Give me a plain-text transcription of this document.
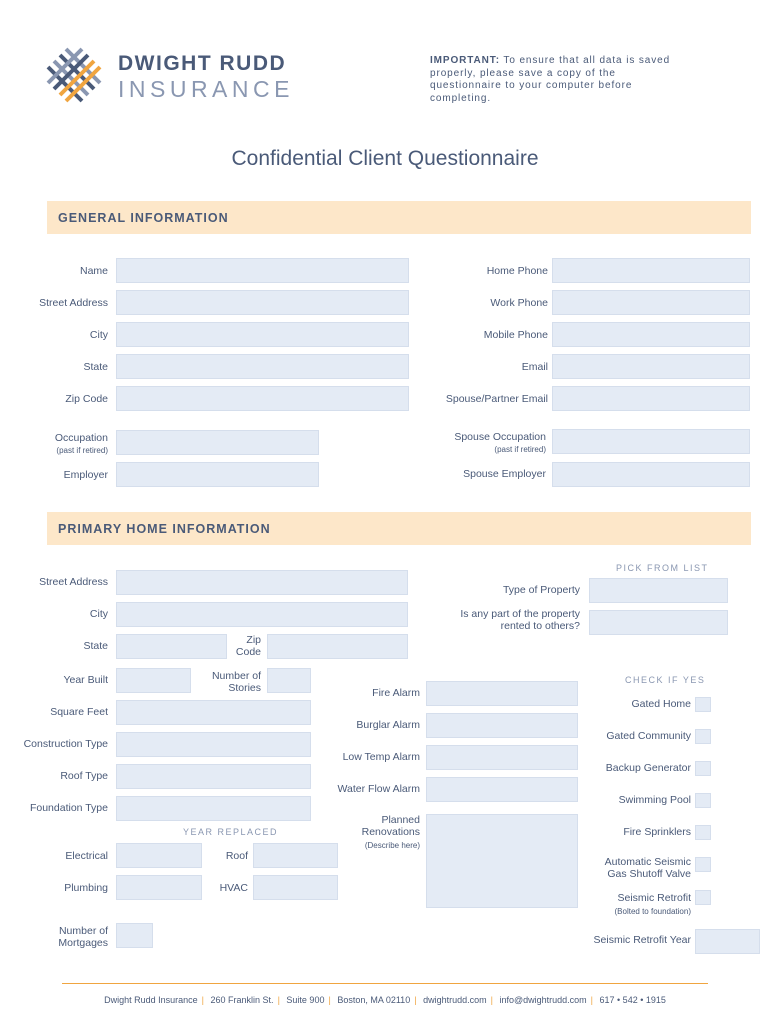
DWIGHT RUDD
INSURANCE
IMPORTANT: To ensure that all data is saved properly, please save a copy of the questionnaire to your computer before completing.
Confidential Client Questionnaire
GENERAL INFORMATION
Name
Street Address
City
State
Zip Code
Home Phone
Work Phone
Mobile Phone
Email
Spouse/Partner Email
Occupation
(past if retired)
Employer
Spouse Occupation
(past if retired)
Spouse Employer
PRIMARY HOME INFORMATION
PICK FROM LIST
Street Address
City
State	Zip Code
Type of Property
Is any part of the property rented to others?
Year Built	Number of Stories
Square Feet
Construction Type
Roof Type
Foundation Type
YEAR REPLACED
Electrical	Roof
Plumbing	HVAC
Number of Mortgages
Fire Alarm
Burglar Alarm
Low Temp Alarm
Water Flow Alarm
Planned Renovations
(Describe here)
CHECK IF YES
Gated Home
Gated Community
Backup Generator
Swimming Pool
Fire Sprinklers
Automatic Seismic Gas Shutoff Valve
Seismic Retrofit
(Bolted to foundation)
Seismic Retrofit Year
Dwight Rudd Insurance | 260 Franklin St. | Suite 900 | Boston, MA 02110 | dwightrudd.com | info@dwightrudd.com | 617 • 542 • 1915
